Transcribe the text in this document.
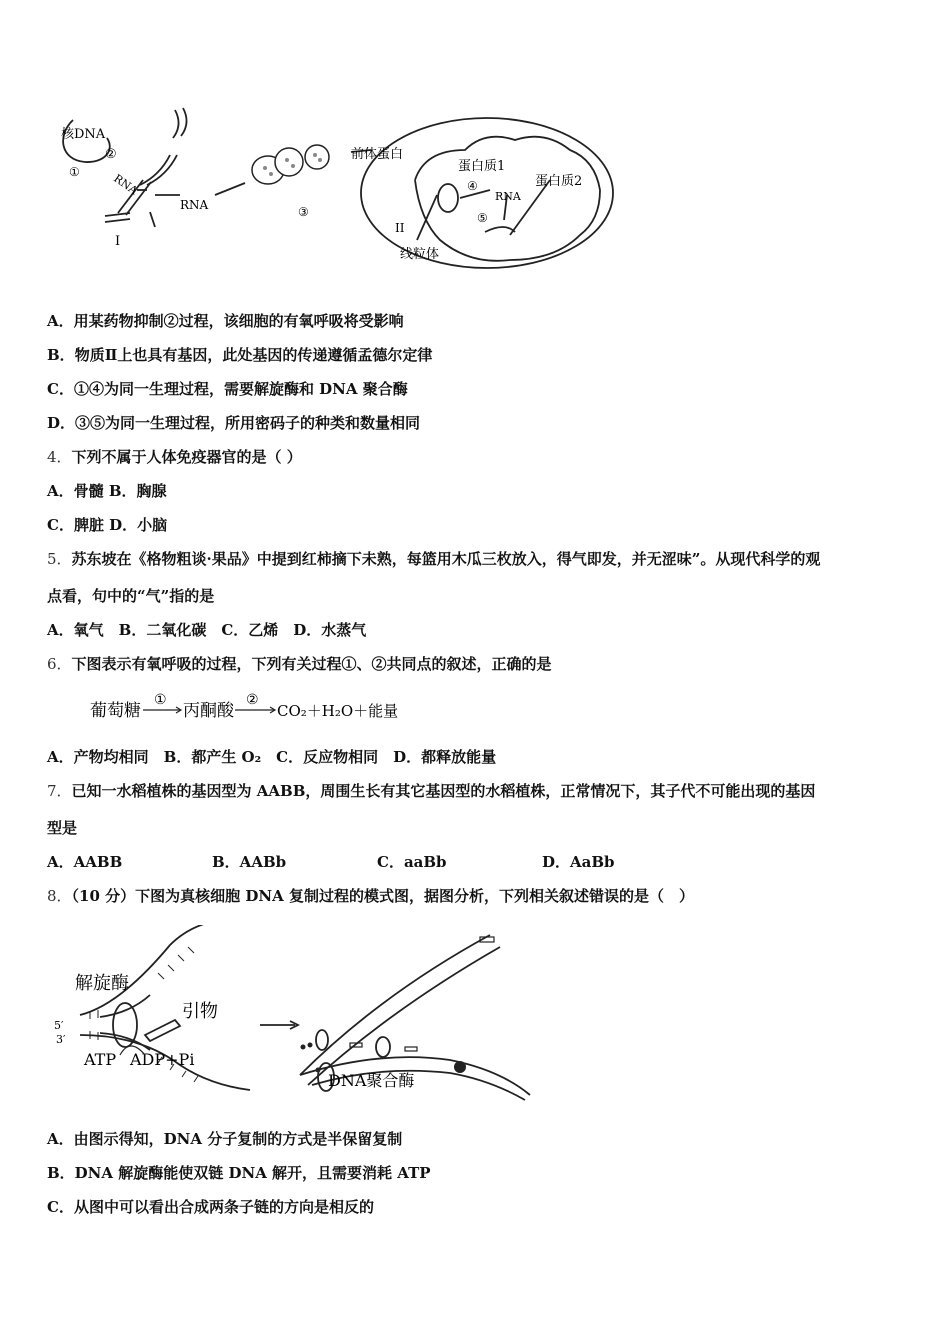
核DNA
①
②
RNA
RNA	③
前体蛋白
蛋白质1
蛋白质2
④
RNA
⑤
I
II
线粒体
A．用某药物抑制②过程，该细胞的有氧呼吸将受影响
B．物质Ⅱ上也具有基因，此处基因的传递遵循孟德尔定律
C．①④为同一生理过程，需要解旋酶和 DNA 聚合酶
D．③⑤为同一生理过程，所用密码子的种类和数量相同
4．下列不属于人体免疫器官的是（ ）
A．骨髓 B．胸腺
C．脾脏 D．小脑
5．苏东坡在《格物粗谈·果品》中提到红柿摘下未熟，每篮用木瓜三枚放入，得气即发，并无涩味”。从现代科学的观
点看，句中的“气”指的是
A．氧气　B．二氧化碳　C．乙烯　D．水蒸气
6．下图表示有氧呼吸的过程，下列有关过程①、②共同点的叙述，正确的是
葡萄糖
①
丙酮酸
②
CO₂＋H₂O＋能量
A．产物均相同　B．都产生 O₂　C．反应物相同　D．都释放能量
7．已知一水稻植株的基因型为 AABB，周围生长有其它基因型的水稻植株，正常情况下，其子代不可能出现的基因
型是
A．AABB	B．AABb	C．aaBb	D．AaBb
8．（10 分）下图为真核细胞 DNA 复制过程的模式图，据图分析，下列相关叙述错误的是（　）
解旋酶
引物
5′
3′
ATP ADP+Pi
DNA聚合酶
A．由图示得知，DNA 分子复制的方式是半保留复制
B．DNA 解旋酶能使双链 DNA 解开，且需要消耗 ATP
C．从图中可以看出合成两条子链的方向是相反的
